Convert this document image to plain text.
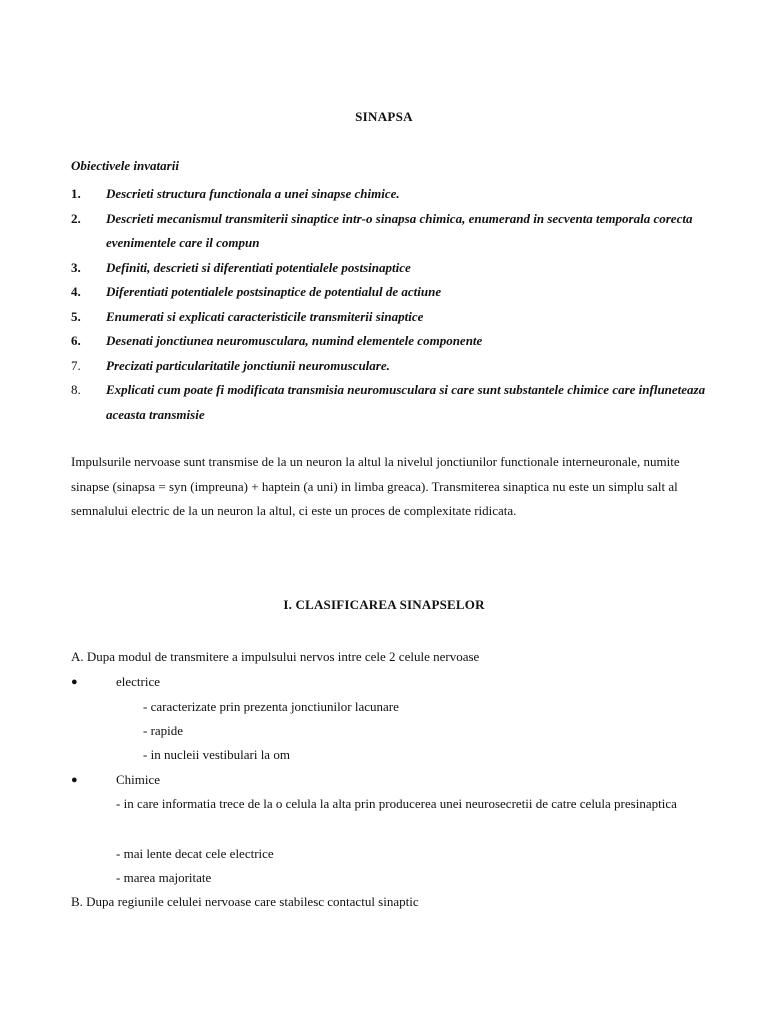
SINAPSA
Obiectivele invatarii
1.	Descrieti structura functionala a unei sinapse chimice.
2.	Descrieti mecanismul transmiterii sinaptice intr-o sinapsa chimica, enumerand in secventa temporala corecta evenimentele care il compun
3.	Definiti, descrieti si diferentiati potentialele postsinaptice
4.	Diferentiati potentialele postsinaptice de potentialul de actiune
5.	Enumerati si explicati caracteristicile transmiterii sinaptice
6.	Desenati jonctiunea neuromusculara, numind elementele componente
7.	Precizati particularitatile jonctiunii neuromusculare.
8.	Explicati cum poate fi modificata transmisia neuromusculara si care sunt substantele chimice care influneteaza aceasta transmisie

Impulsurile nervoase sunt transmise de la un neuron la altul la nivelul jonctiunilor functionale interneuronale, numite sinapse (sinapsa = syn (impreuna) + haptein (a uni) in limba greaca). Transmiterea sinaptica nu este un simplu salt al semnalului electric de la un neuron la altul, ci este un proces de complexitate ridicata.

I. CLASIFICAREA SINAPSELOR
A. Dupa modul de transmitere a impulsului nervos intre cele 2 celule nervoase
●	electrice
- caracterizate prin prezenta jonctiunilor lacunare
- rapide
- in nucleii vestibulari la om
●	Chimice
- in care informatia trece de la o celula la alta prin producerea unei neurosecretii de catre celula presinaptica
- mai lente decat cele electrice
- marea majoritate
B. Dupa regiunile celulei nervoase care stabilesc contactul sinaptic
